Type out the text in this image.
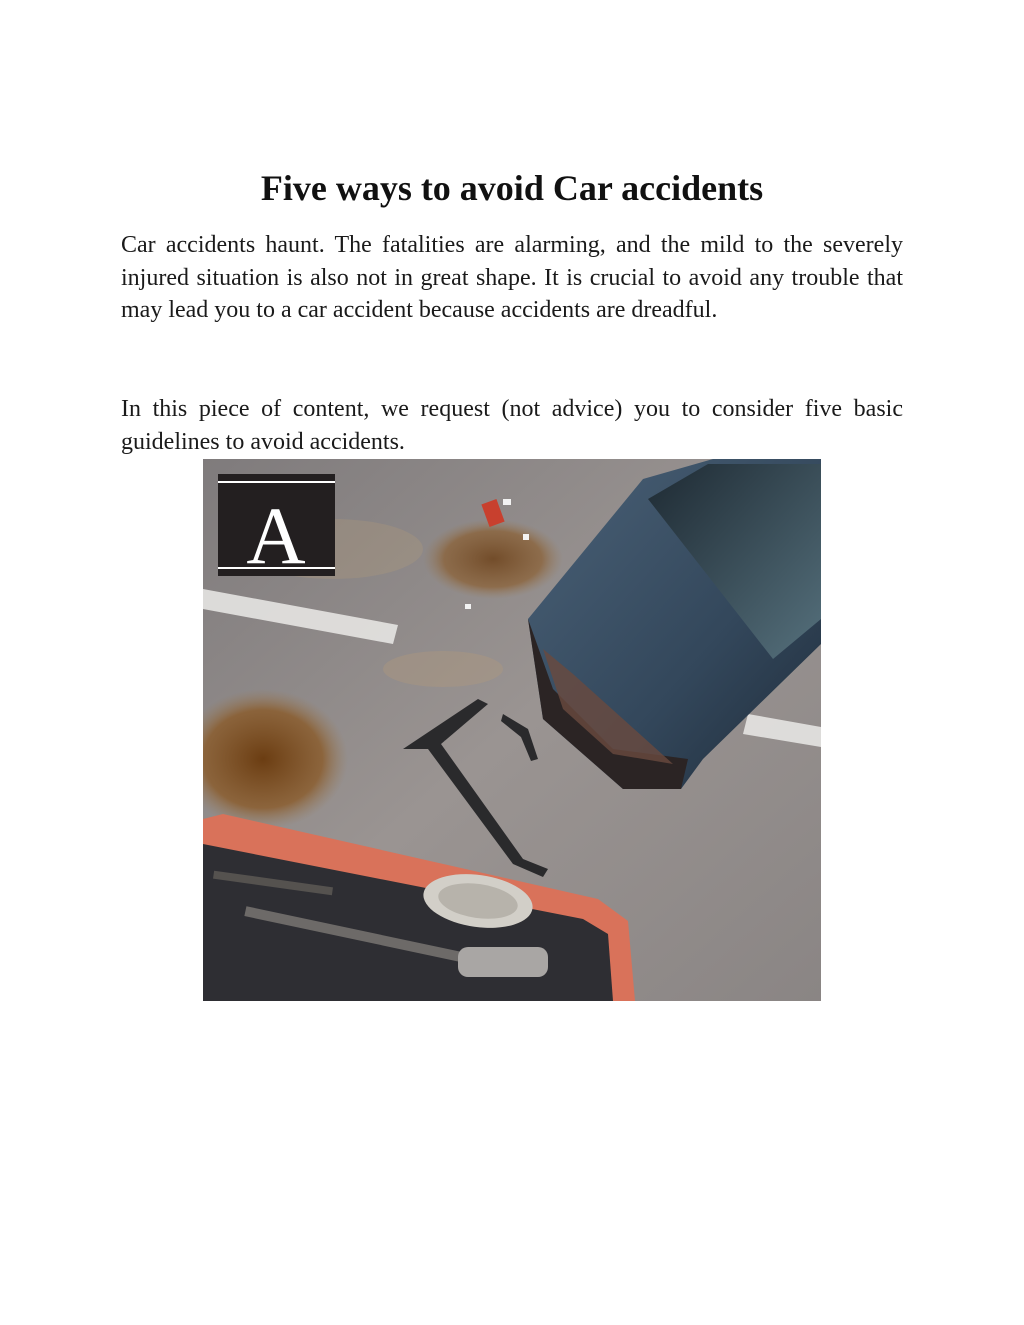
Five ways to avoid Car accidents

Car accidents haunt. The fatalities are alarming, and the mild to the severely injured situation is also not in great shape. It is crucial to avoid any trouble that may lead you to a car accident because accidents are dreadful.

In this piece of content, we request (not advice) you to consider five basic guidelines to avoid accidents.

A
